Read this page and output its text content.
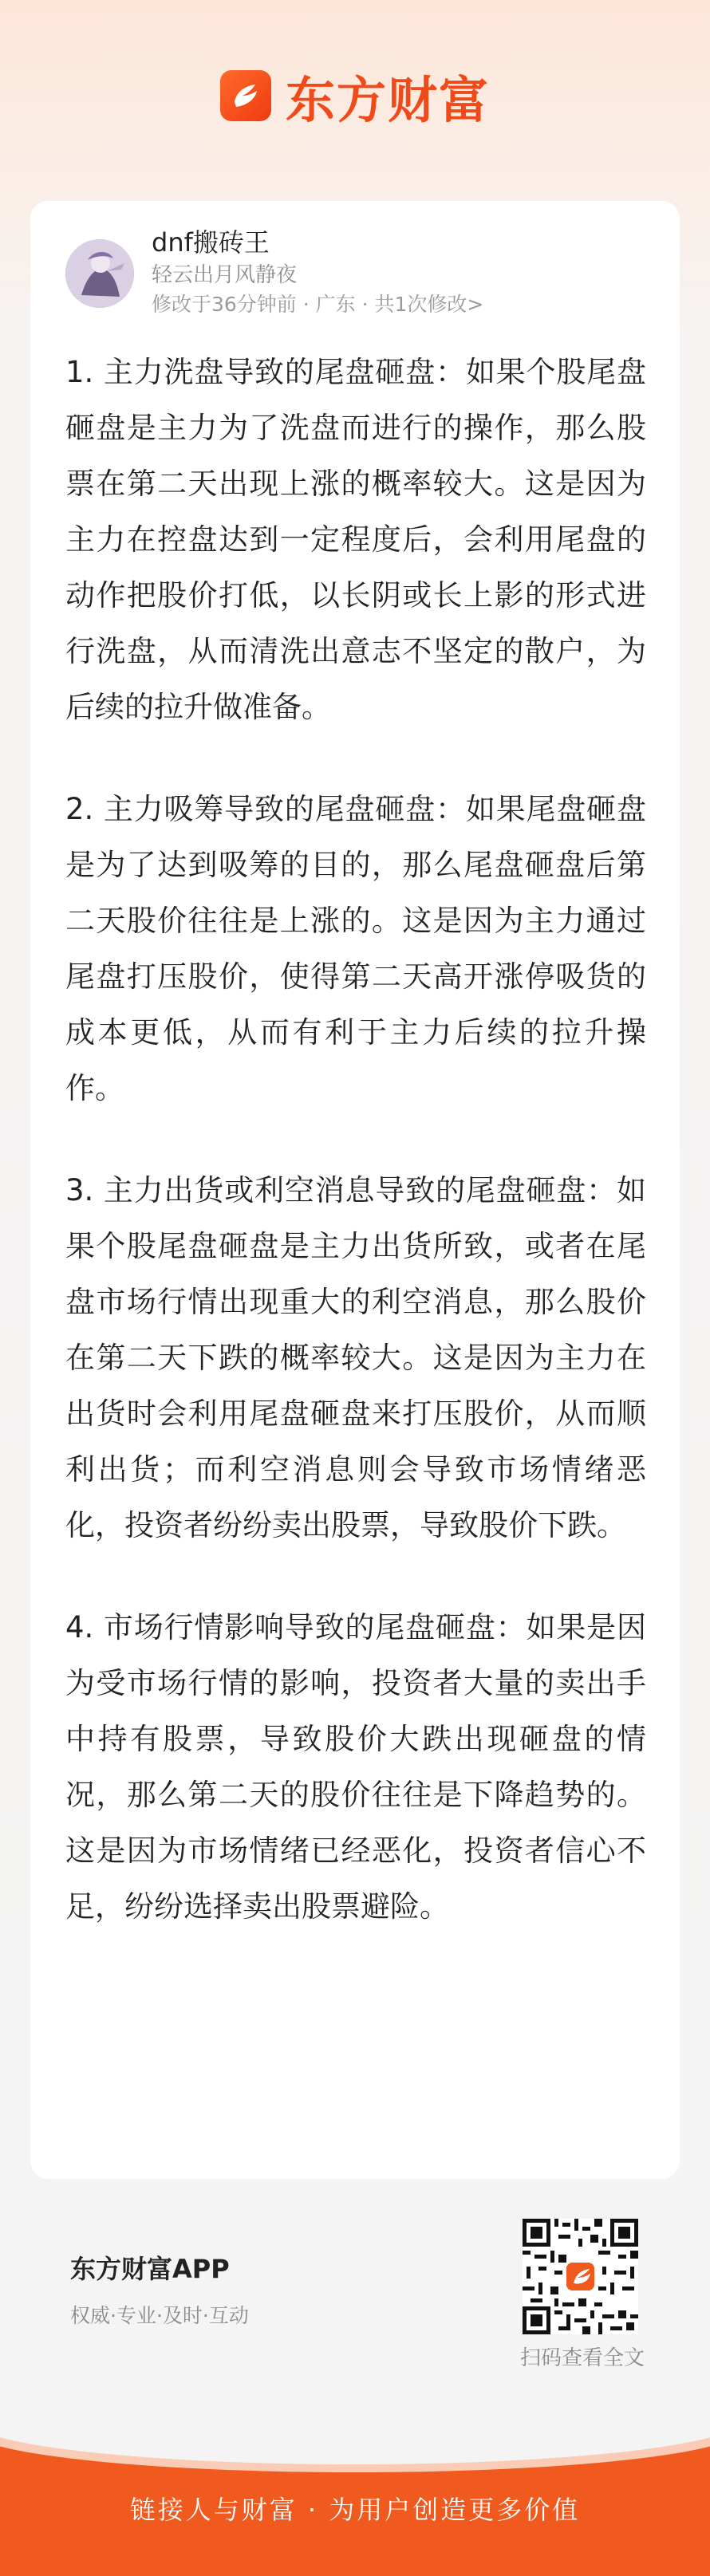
东方财富
dnf搬砖王
轻云出月风静夜
修改于36分钟前 · 广东 · 共1次修改>

1. 主力洗盘导致的尾盘砸盘：如果个股尾盘砸盘是主力为了洗盘而进行的操作，那么股票在第二天出现上涨的概率较大。这是因为主力在控盘达到一定程度后，会利用尾盘的动作把股价打低，以长阴或长上影的形式进行洗盘，从而清洗出意志不坚定的散户，为后续的拉升做准备。

2. 主力吸筹导致的尾盘砸盘：如果尾盘砸盘是为了达到吸筹的目的，那么尾盘砸盘后第二天股价往往是上涨的。这是因为主力通过尾盘打压股价，使得第二天高开涨停吸货的成本更低，从而有利于主力后续的拉升操作。

3. 主力出货或利空消息导致的尾盘砸盘：如果个股尾盘砸盘是主力出货所致，或者在尾盘市场行情出现重大的利空消息，那么股价在第二天下跌的概率较大。这是因为主力在出货时会利用尾盘砸盘来打压股价，从而顺利出货；而利空消息则会导致市场情绪恶化，投资者纷纷卖出股票，导致股价下跌。

4. 市场行情影响导致的尾盘砸盘：如果是因为受市场行情的影响，投资者大量的卖出手中持有股票，导致股价大跌出现砸盘的情况，那么第二天的股价往往是下降趋势的。这是因为市场情绪已经恶化，投资者信心不足，纷纷选择卖出股票避险。

东方财富APP
权威·专业·及时·互动
扫码查看全文
链接人与财富 · 为用户创造更多价值
